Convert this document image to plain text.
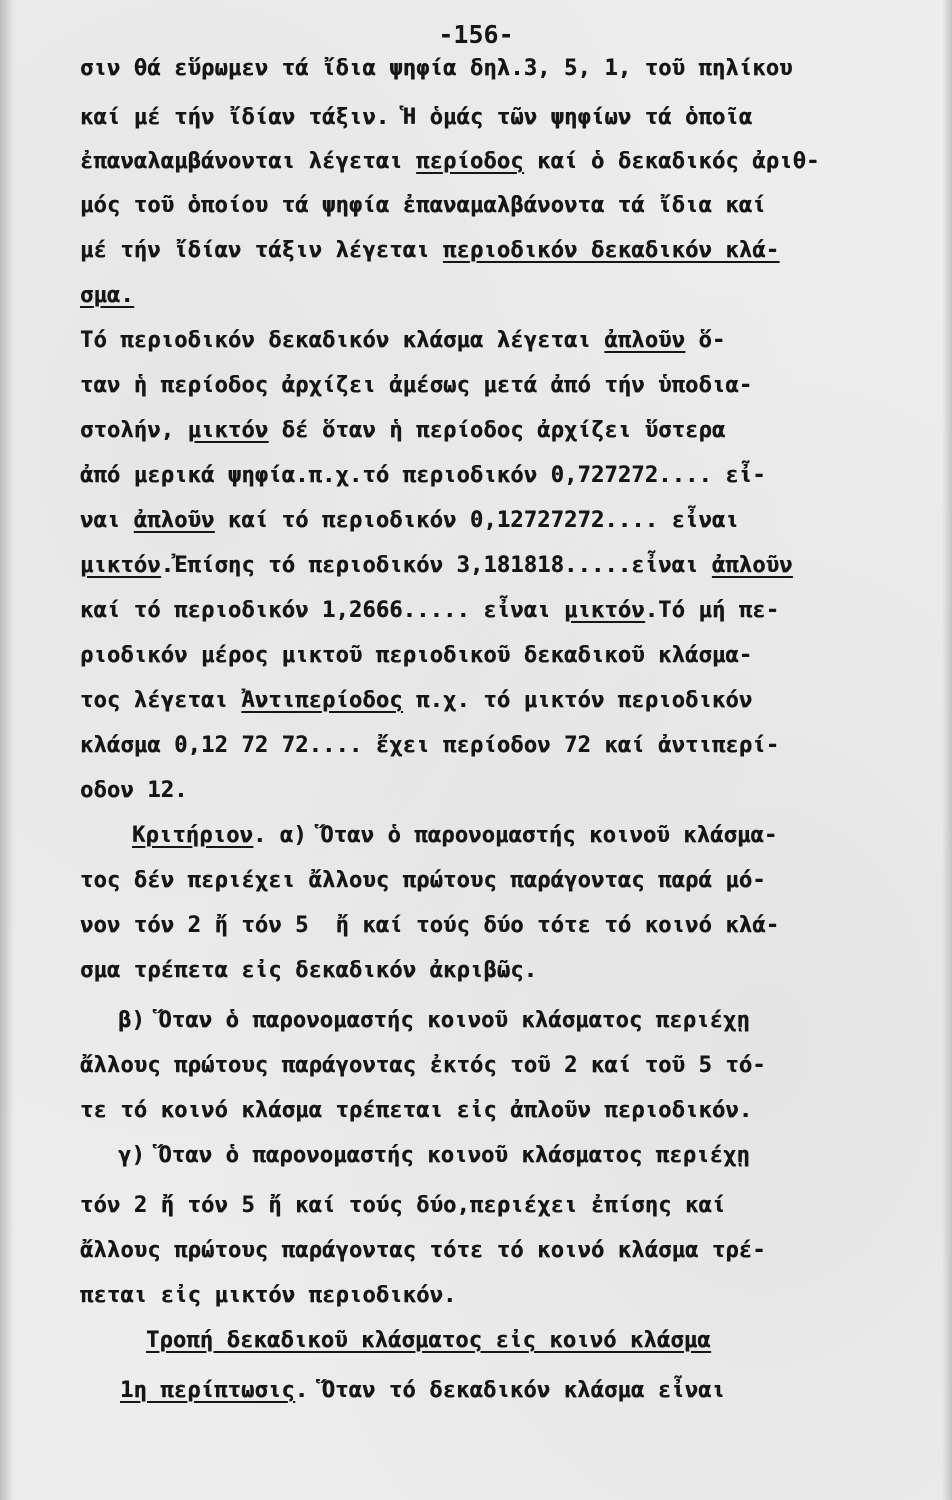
-156-
σιν θά εὕρωμεν τά ἴδια ψηφία δηλ.3, 5, 1, τοῦ πηλίκου
καί μέ τήν ἴδίαν τάξιν. Ἡ ὁμάς τῶν ψηφίων τά ὁποῖα
ἐπαναλαμβάνονται λέγεται περίοδος καί ὁ δεκαδικός ἀριθ-
μός τοῦ ὁποίου τά ψηφία ἐπαναμαλβάνοντα τά ἴδια καί
μέ τήν ἴδίαν τάξιν λέγεται περιοδικόν δεκαδικόν κλά-
σμα.
Τό περιοδικόν δεκαδικόν κλάσμα λέγεται ἀπλοῦν ὅ-
ταν ἡ περίοδος ἀρχίζει ἀμέσως μετά ἀπό τήν ὑποδια-
στολήν, μικτόν δέ ὅταν ἡ περίοδος ἀρχίζει ὕστερα
ἀπό μερικά ψηφία.π.χ.τό περιοδικόν 0,727272.... εἶ-
ναι ἀπλοῦν καί τό περιοδικόν 0,12727272.... εἶναι
μικτόν.Ἐπίσης τό περιοδικόν 3,181818.....εἶναι ἀπλοῦν
καί τό περιοδικόν 1,2666..... εἶναι μικτόν.Τό μή πε-
ριοδικόν μέρος μικτοῦ περιοδικοῦ δεκαδικοῦ κλάσμα-
τος λέγεται Ἀντιπερίοδος π.χ. τό μικτόν περιοδικόν
κλάσμα 0,12 72 72.... ἔχει περίοδον 72 καί ἀντιπερί-
οδον 12.
Κριτήριον. α) Ὅταν ὁ παρονομαστής κοινοῦ κλάσμα-
τος δέν περιέχει ἄλλους πρώτους παράγοντας παρά μό-
νον τόν 2 ἤ τόν 5  ἤ καί τούς δύο τότε τό κοινό κλά-
σμα τρέπετα εἰς δεκαδικόν ἀκριβῶς.
β) Ὅταν ὁ παρονομαστής κοινοῦ κλάσματος περιέχῃ
ἄλλους πρώτους παράγοντας ἐκτός τοῦ 2 καί τοῦ 5 τό-
τε τό κοινό κλάσμα τρέπεται εἰς ἀπλοῦν περιοδικόν.
γ) Ὅταν ὁ παρονομαστής κοινοῦ κλάσματος περιέχῃ
τόν 2 ἤ τόν 5 ἤ καί τούς δύο,περιέχει ἐπίσης καί
ἄλλους πρώτους παράγοντας τότε τό κοινό κλάσμα τρέ-
πεται εἰς μικτόν περιοδικόν.
Τροπή δεκαδικοῦ κλάσματος εἰς κοινό κλάσμα
1η περίπτωσις. Ὅταν τό δεκαδικόν κλάσμα εἶναι
